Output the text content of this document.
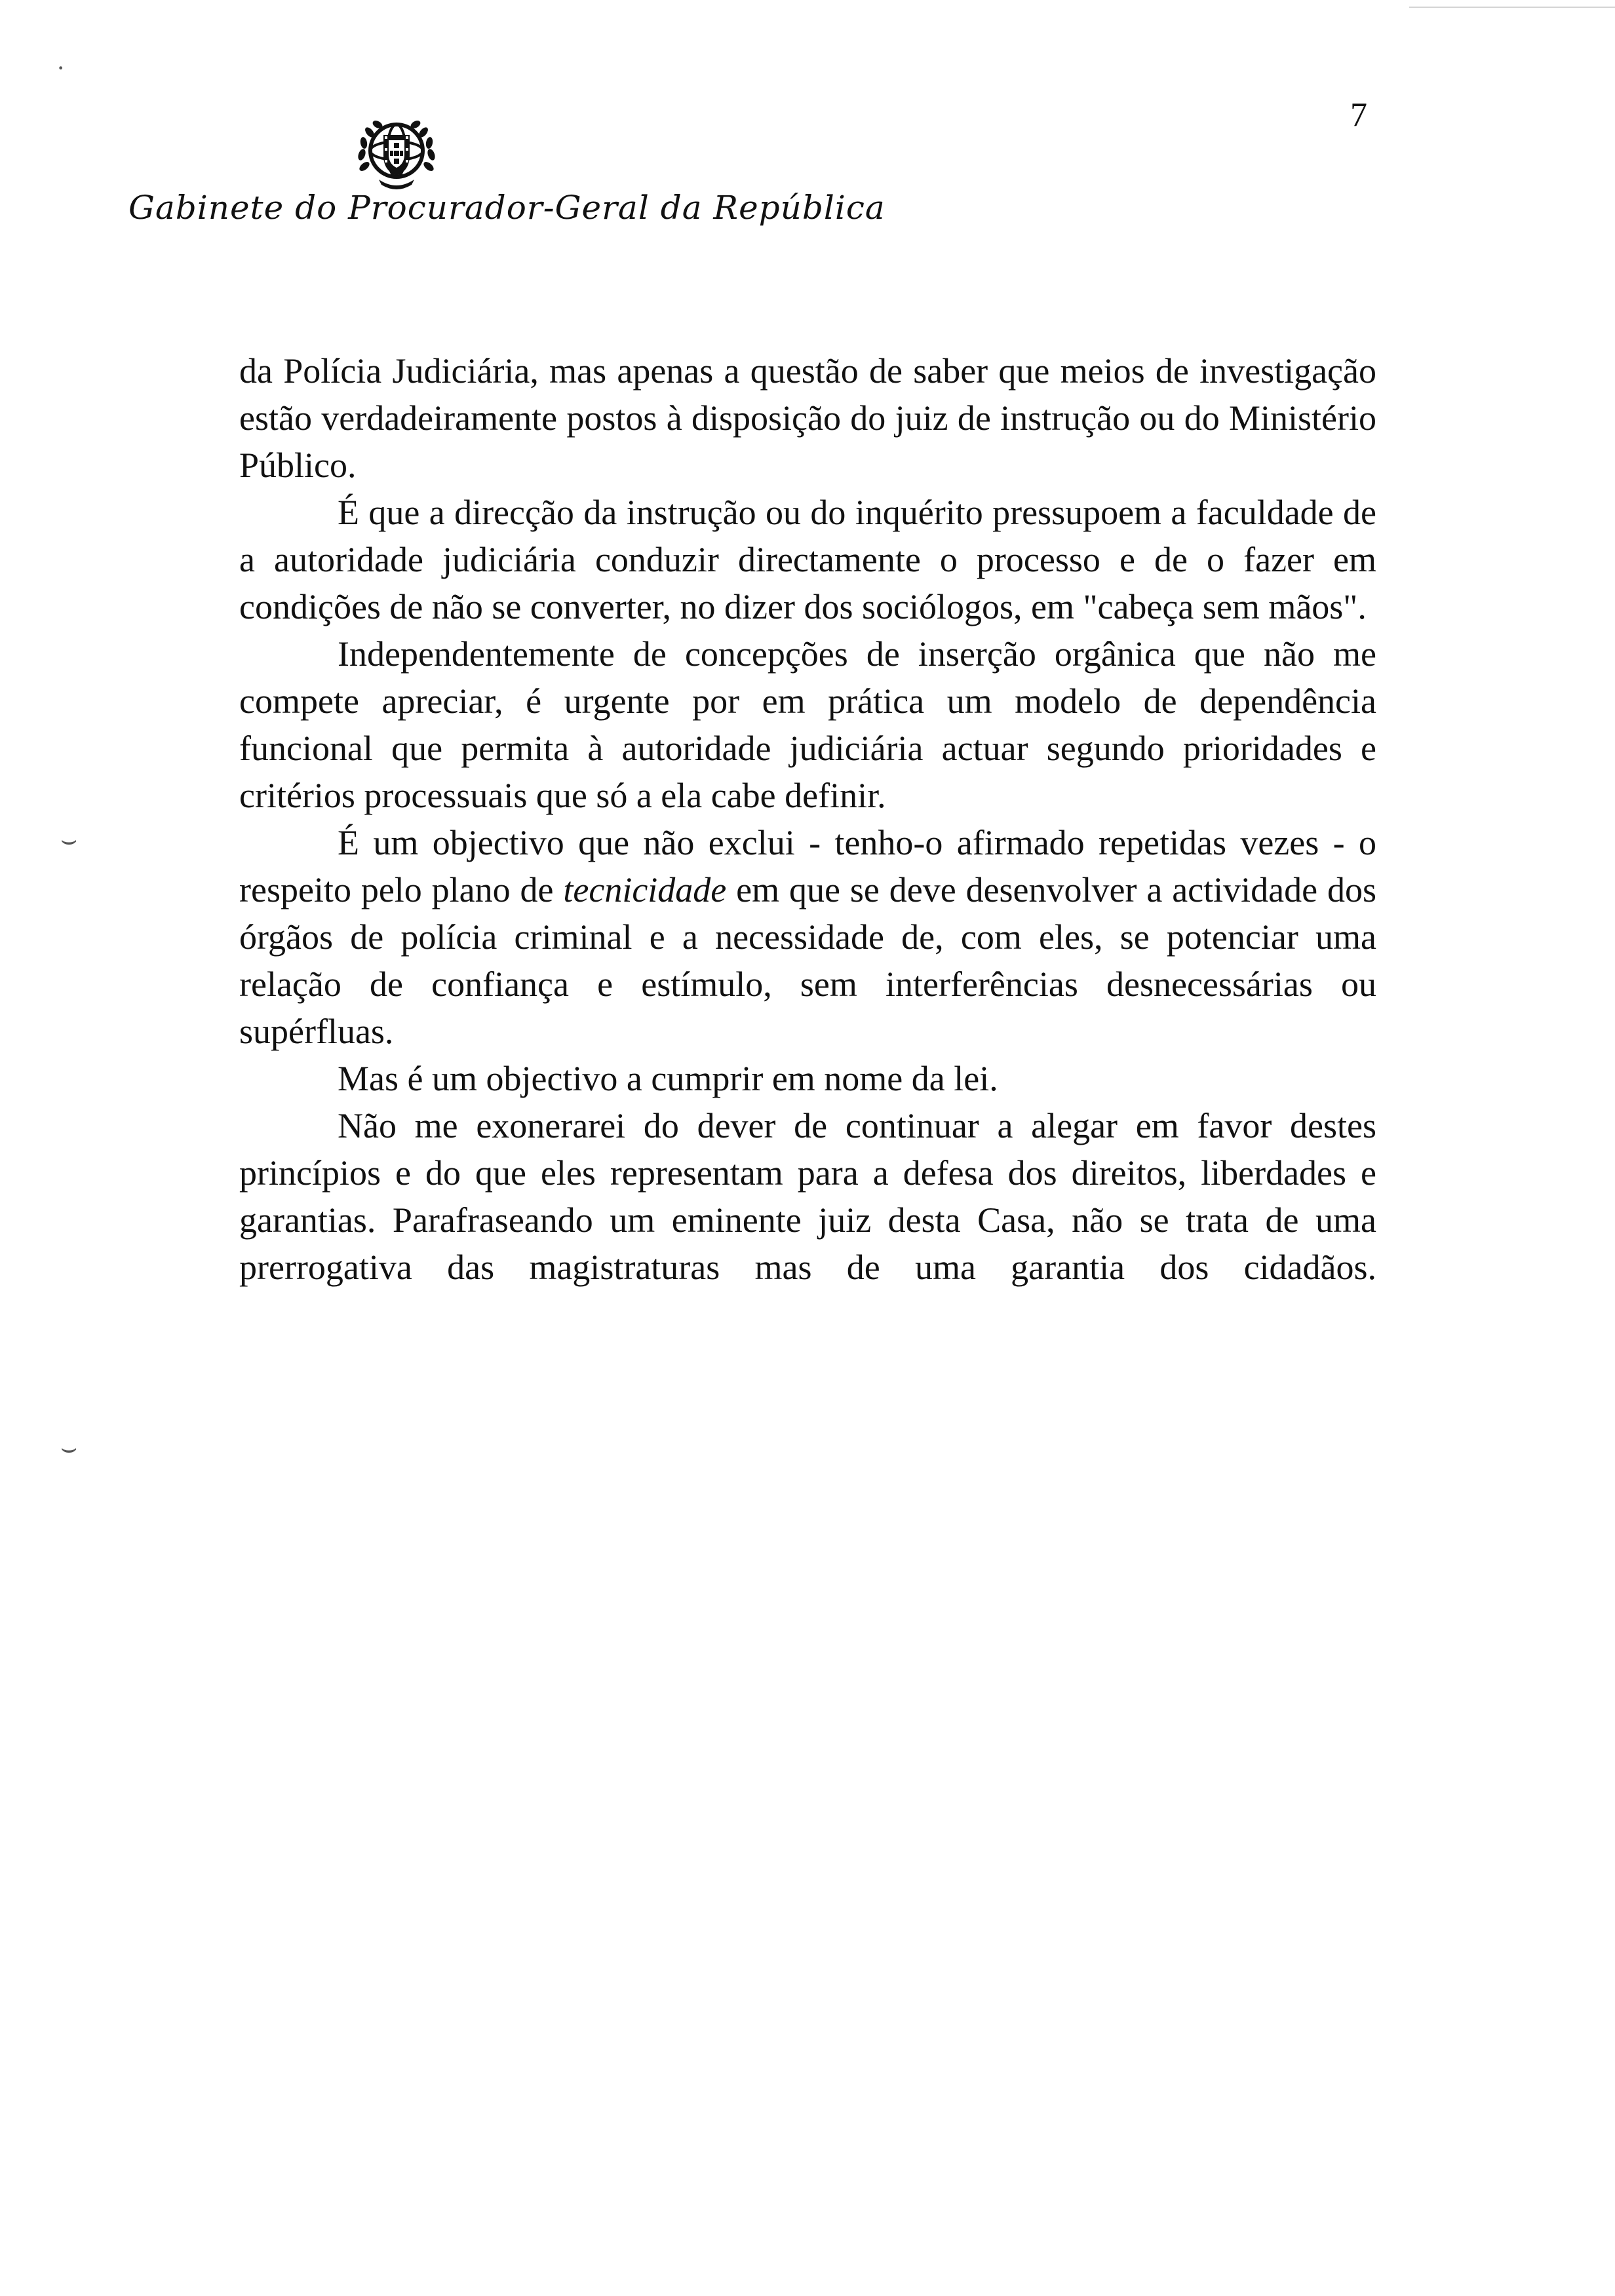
7
Gabinete do Procurador-Geral da República
·
⌣
⌣

da Polícia Judiciária, mas apenas a questão de saber que meios de investigação estão verdadeiramente postos à disposição do juiz de instrução ou do Ministério Público.

É que a direcção da instrução ou do inquérito pressupoem a faculdade de a autoridade judiciária conduzir directamente o processo e de o fazer em condições de não se converter, no dizer dos sociólogos, em "cabeça sem mãos".

Independentemente de concepções de inserção orgânica que não me compete apreciar, é urgente por em prática um modelo de dependência funcional que permita à autoridade judiciária actuar segundo prioridades e critérios processuais que só a ela cabe definir.

É um objectivo que não exclui - tenho-o afirmado repetidas vezes - o respeito pelo plano de tecnicidade em que se deve desenvolver a actividade dos órgãos de polícia criminal e a necessidade de, com eles, se potenciar uma relação de confiança e estímulo, sem interferências desnecessárias ou supérfluas.

Mas é um objectivo a cumprir em nome da lei.

Não me exonerarei do dever de continuar a alegar em favor destes princípios e do que eles representam para a defesa dos direitos, liberdades e garantias. Parafraseando um eminente juiz desta Casa, não se trata de uma prerrogativa das magistraturas mas de uma garantia dos cidadãos.
